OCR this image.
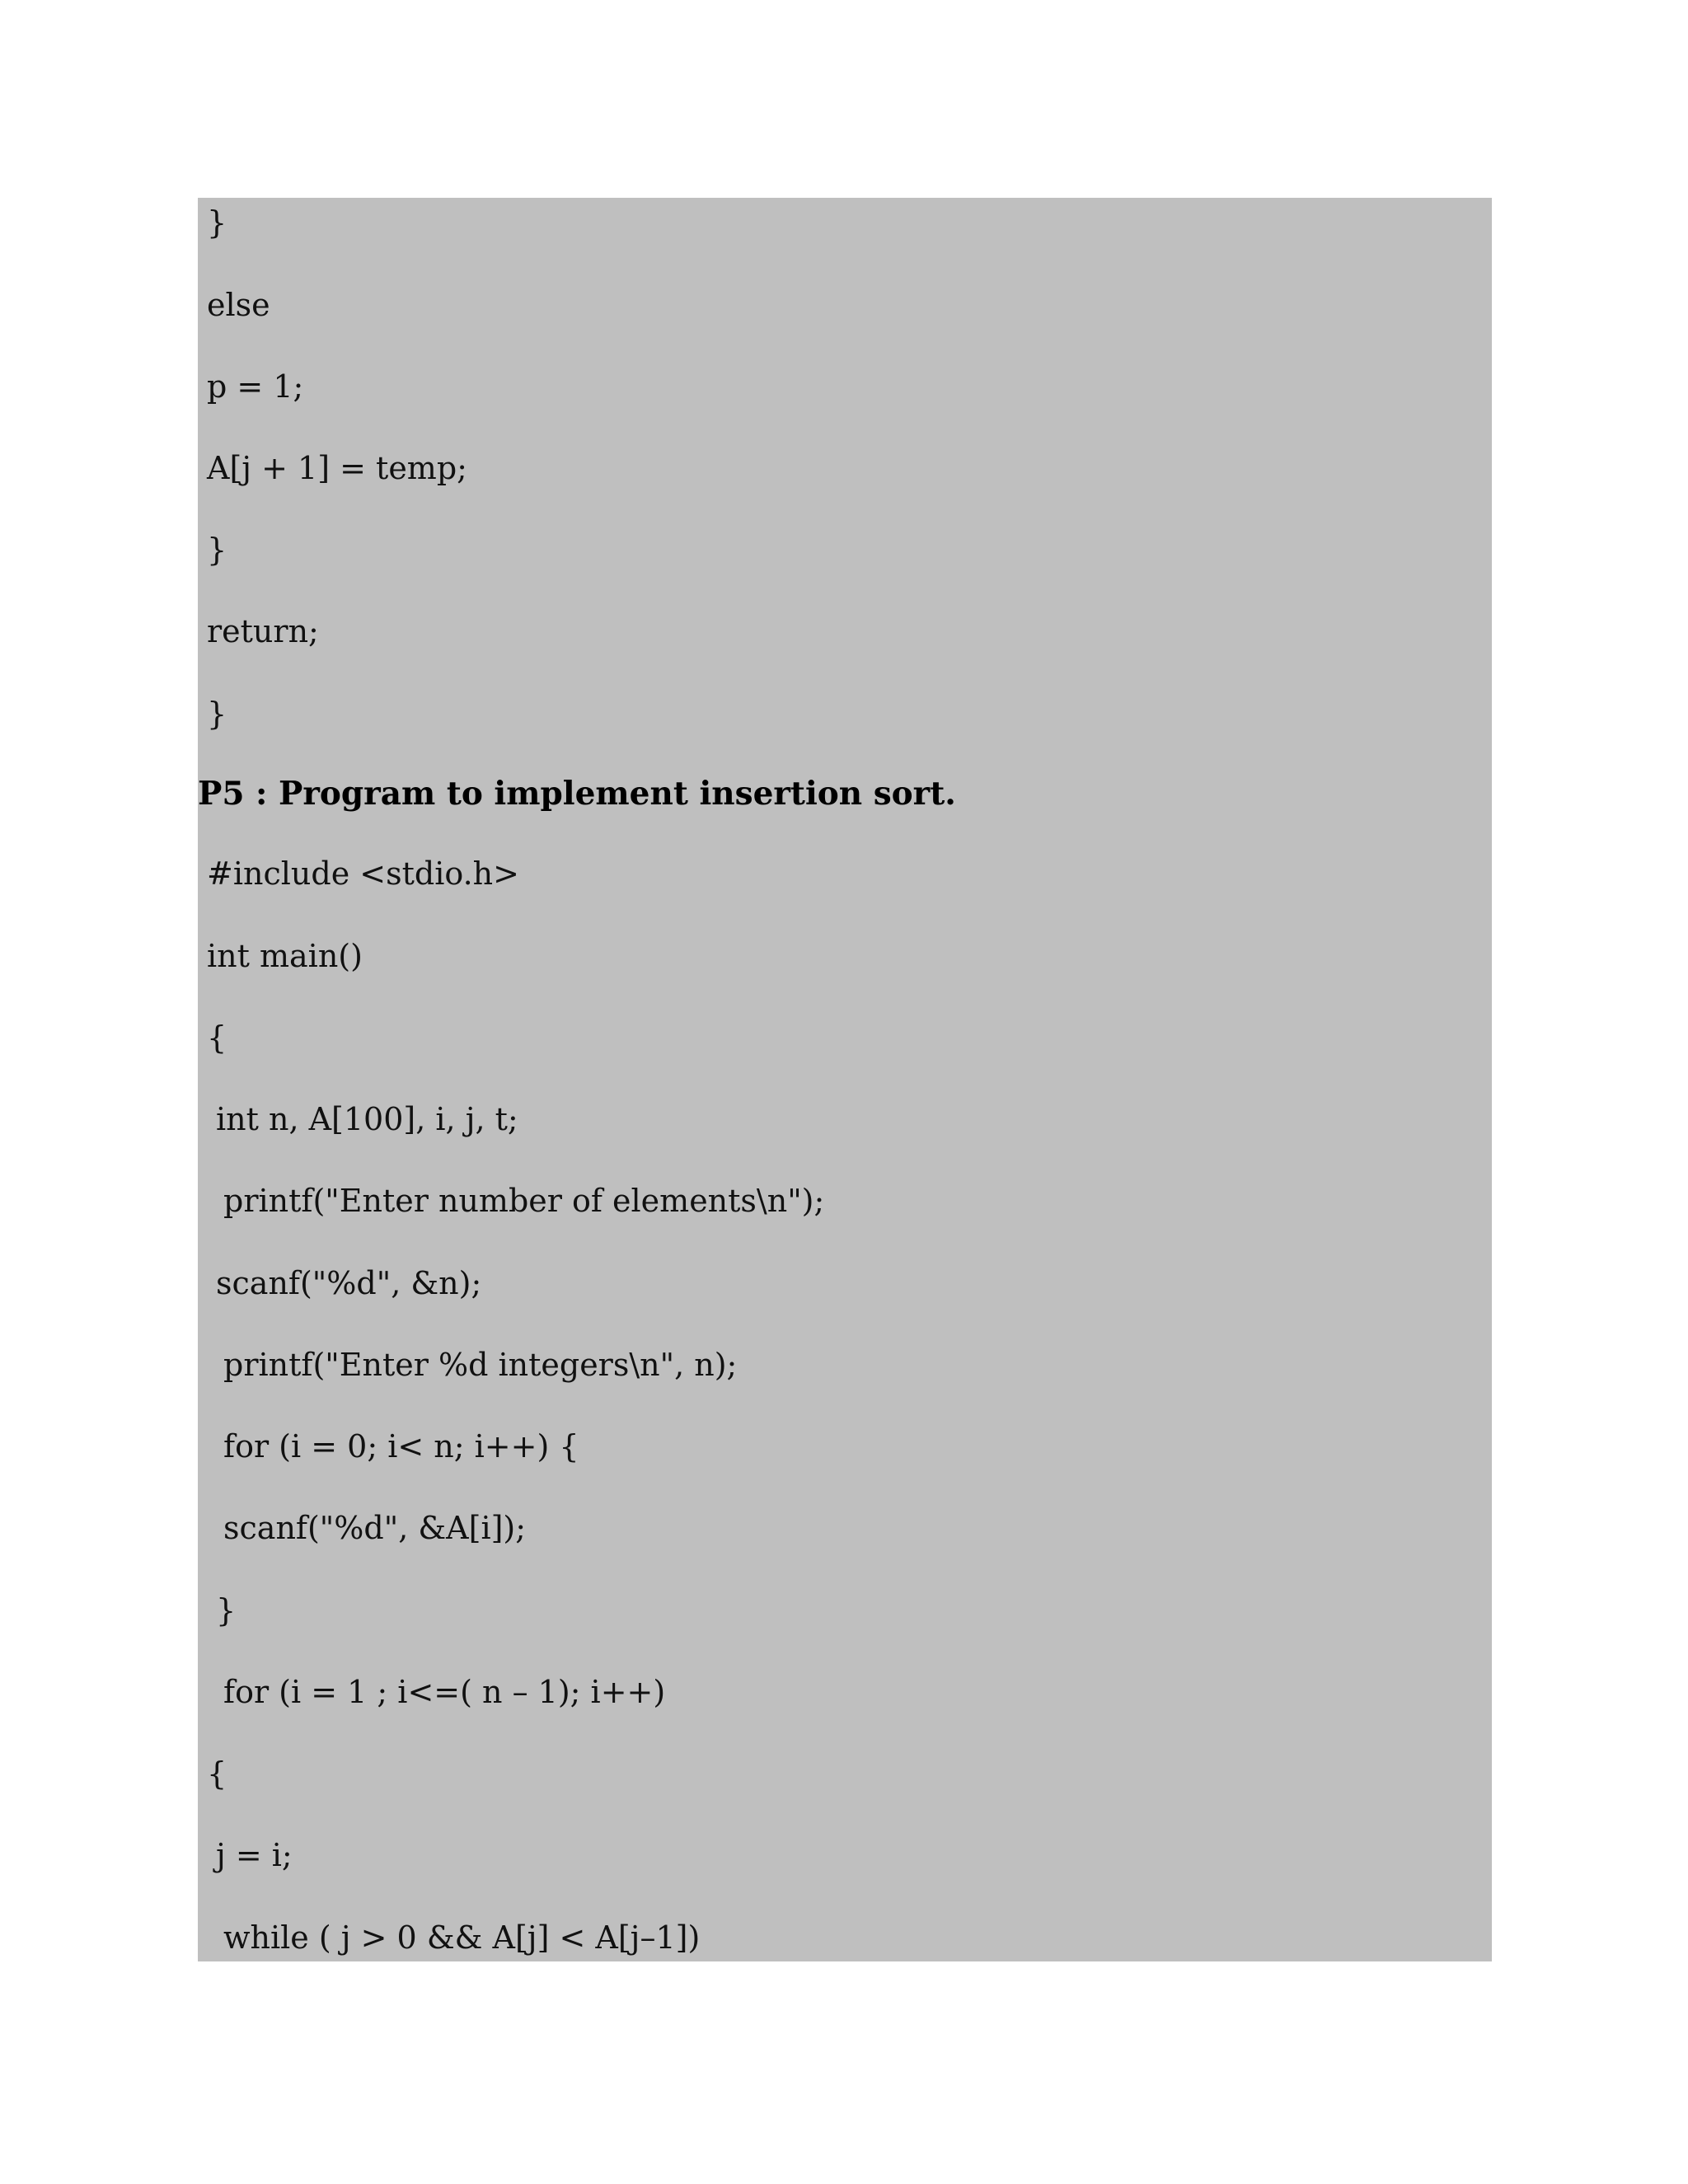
}
else
p = 1;
A[j + 1] = temp;
}
return;
}
P5 : Program to implement insertion sort.
#include <stdio.h>
int main()
{
int n, A[100], i, j, t;
printf("Enter number of elements\n");
scanf("%d", &n);
printf("Enter %d integers\n", n);
for (i = 0; i< n; i++) {
scanf("%d", &A[i]);
}
for (i = 1 ; i<=( n – 1); i++)
{
j = i;
while ( j > 0 && A[j] < A[j–1])
